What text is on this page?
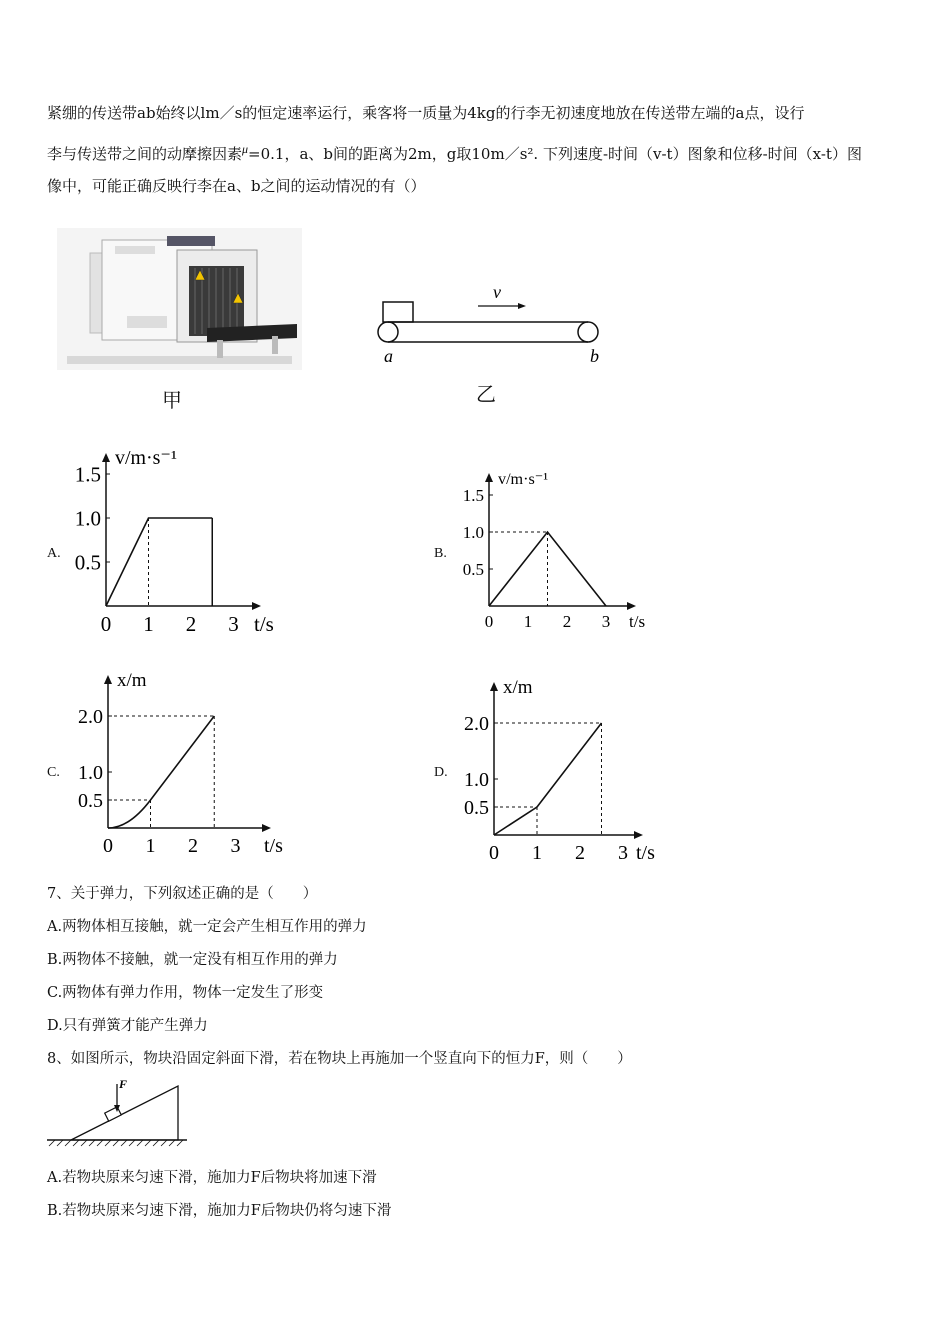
紧绷的传送带ab始终以lm／s的恒定速率运行，乘客将一质量为4kg的行李无初速度地放在传送带左端的a点，设行
李与传送带之间的动摩擦因素$^\mu$=0.1，a、b间的距离为2m，g取10m／s². 下列速度-时间（v-t）图象和位移-时间（x-t）图
像中，可能正确反映行李在a、b之间的运动情况的有（）
甲
v
a	b
乙
A.	B.
C.	D.
0 1 2 3
0.5
1.0
1.5
t/s
v/m·s⁻¹
0 1 2 3
0.5
1.0
1.5
t/s
v/m·s⁻¹
0 1 2 3
0.5
1.0
2.0
t/s
x/m
0 1 2 3
0.5
1.0
2.0
t/s
x/m
7、关于弹力，下列叙述正确的是（　　）
A.两物体相互接触，就一定会产生相互作用的弹力
B.两物体不接触，就一定没有相互作用的弹力
C.两物体有弹力作用，物体一定发生了形变
D.只有弹簧才能产生弹力
8、如图所示，物块沿固定斜面下滑，若在物块上再施加一个竖直向下的恒力F，则（　　）
F
A.若物块原来匀速下滑，施加力F后物块将加速下滑
B.若物块原来匀速下滑，施加力F后物块仍将匀速下滑
